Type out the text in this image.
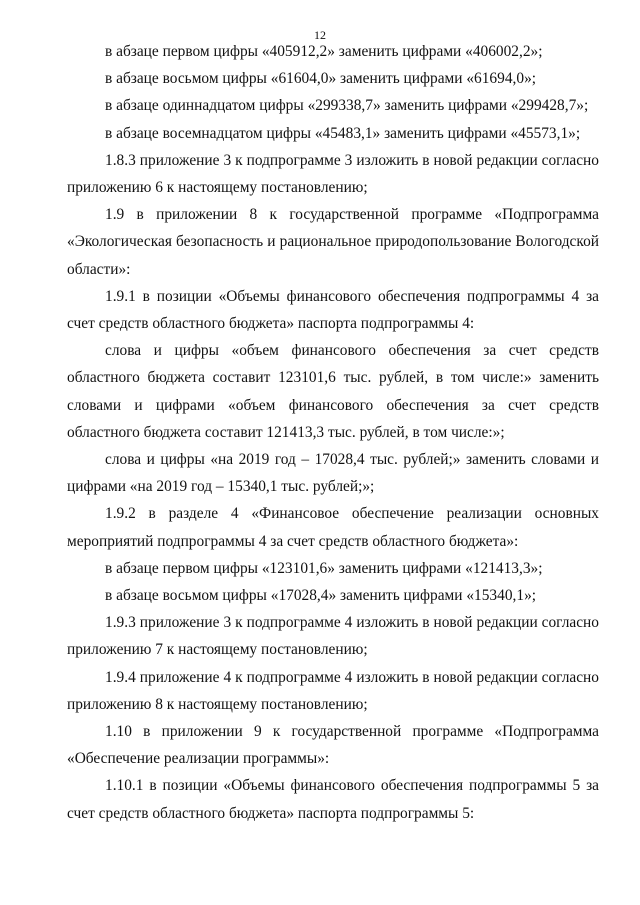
12

в абзаце первом цифры «405912,2» заменить цифрами «406002,2»;

в абзаце восьмом цифры «61604,0» заменить цифрами «61694,0»;

в абзаце одиннадцатом цифры «299338,7» заменить цифрами «299428,7»;

в абзаце восемнадцатом цифры «45483,1» заменить цифрами «45573,1»;

1.8.3 приложение 3 к подпрограмме 3 изложить в новой редакции согласно приложению 6 к настоящему постановлению;

1.9 в приложении 8 к государственной программе «Подпрограмма «Экологическая безопасность и рациональное природопользование Вологодской области»:

1.9.1 в позиции «Объемы финансового обеспечения подпрограммы 4 за счет средств областного бюджета» паспорта подпрограммы 4:

слова и цифры «объем финансового обеспечения за счет средств областного бюджета составит 123101,6 тыс. рублей, в том числе:» заменить словами и цифрами «объем финансового обеспечения за счет средств областного бюджета составит 121413,3 тыс. рублей, в том числе:»;

слова и цифры «на 2019 год – 17028,4 тыс. рублей;» заменить словами и цифрами «на 2019 год – 15340,1 тыс. рублей;»;

1.9.2 в разделе 4 «Финансовое обеспечение реализации основных мероприятий подпрограммы 4 за счет средств областного бюджета»:

в абзаце первом цифры «123101,6» заменить цифрами «121413,3»;

в абзаце восьмом цифры «17028,4» заменить цифрами «15340,1»;

1.9.3 приложение 3 к подпрограмме 4 изложить в новой редакции согласно приложению 7 к настоящему постановлению;

1.9.4 приложение 4 к подпрограмме 4 изложить в новой редакции согласно приложению 8 к настоящему постановлению;

1.10 в приложении 9 к государственной программе «Подпрограмма «Обеспечение реализации программы»:

1.10.1 в позиции «Объемы финансового обеспечения подпрограммы 5 за счет средств областного бюджета» паспорта подпрограммы 5:
